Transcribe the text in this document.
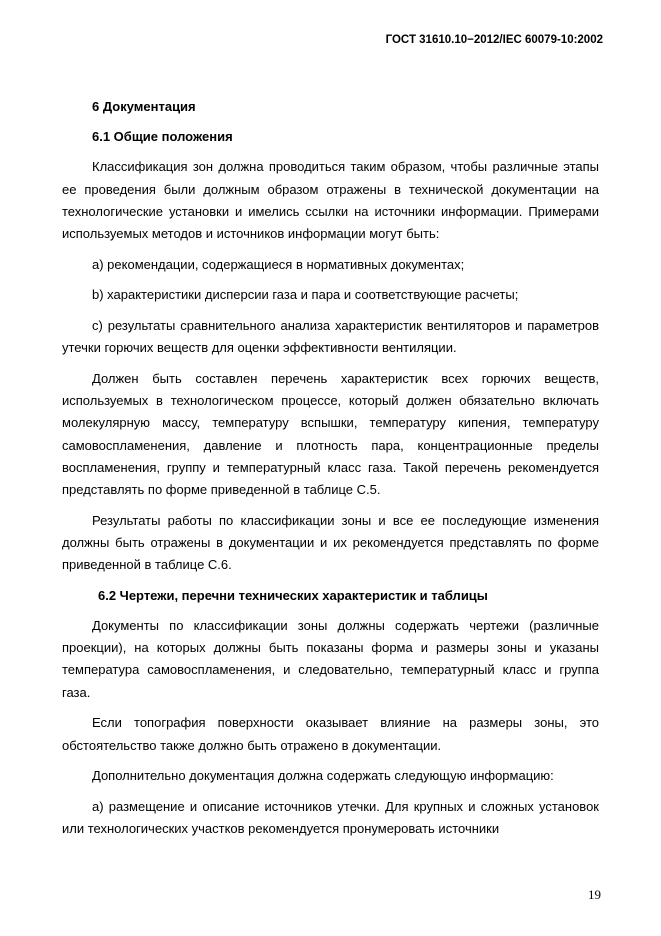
ГОСТ 31610.10−2012/IEC 60079-10:2002
6 Документация
6.1 Общие положения

Классификация зон должна проводиться таким образом, чтобы различные этапы ее проведения были должным образом отражены в технической документации на технологические установки и имелись ссылки на источники информации. Примерами используемых методов и источников информации могут быть:

а) рекомендации, содержащиеся в нормативных документах;

b) характеристики дисперсии газа и пара и соответствующие расчеты;

с) результаты сравнительного анализа характеристик вентиляторов и параметров утечки горючих веществ для оценки эффективности вентиляции.

Должен быть составлен перечень характеристик всех горючих веществ, используемых в технологическом процессе, который должен обязательно включать молекулярную массу, температуру вспышки, температуру кипения, температуру самовоспламенения, давление и плотность пара, концентрационные пределы воспламенения, группу и температурный класс газа. Такой перечень рекомендуется представлять по форме приведенной в таблице С.5.

Результаты работы по классификации зоны и все ее последующие изменения должны быть отражены в документации и их рекомендуется представлять по форме приведенной в таблице С.6.

6.2 Чертежи, перечни технических характеристик и таблицы

Документы по классификации зоны должны содержать чертежи (различные проекции), на которых должны быть показаны форма и размеры зоны и указаны температура самовоспламенения, и следовательно, температурный класс и группа газа.

Если топография поверхности оказывает влияние на размеры зоны, это обстоятельство также должно быть отражено в документации.

Дополнительно документация должна содержать следующую информацию:

а) размещение и описание источников утечки. Для крупных и сложных установок или технологических участков рекомендуется пронумеровать источники

19
